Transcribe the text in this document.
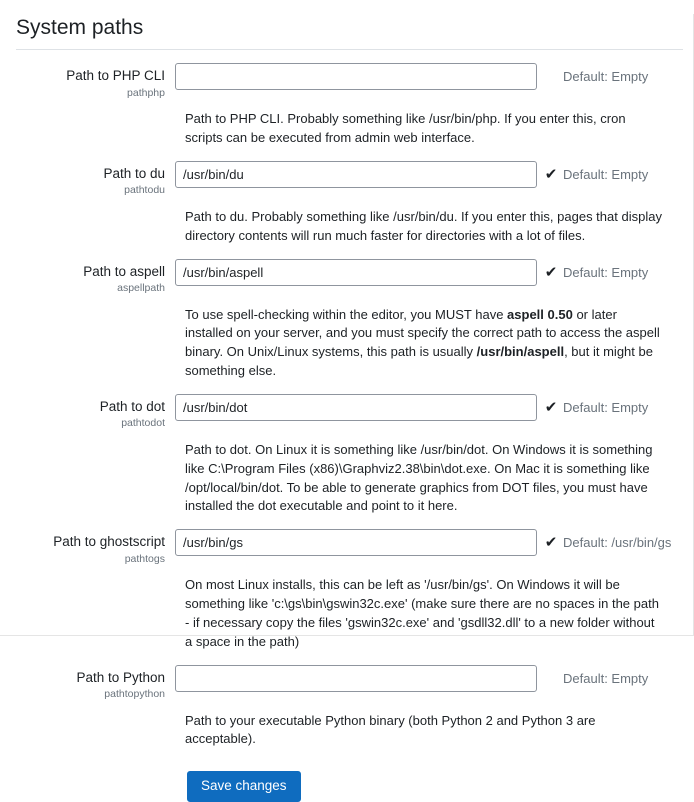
System paths
Path to PHP CLI
pathphp
Default: Empty
Path to PHP CLI. Probably something like /usr/bin/php. If you enter this, cron scripts can be executed from admin web interface.
Path to du
pathtodu
/usr/bin/du
✔ Default: Empty
Path to du. Probably something like /usr/bin/du. If you enter this, pages that display directory contents will run much faster for directories with a lot of files.
Path to aspell
aspellpath
/usr/bin/aspell
✔ Default: Empty
To use spell-checking within the editor, you MUST have aspell 0.50 or later installed on your server, and you must specify the correct path to access the aspell binary. On Unix/Linux systems, this path is usually /usr/bin/aspell, but it might be something else.
Path to dot
pathtodot
/usr/bin/dot
✔ Default: Empty
Path to dot. On Linux it is something like /usr/bin/dot. On Windows it is something like C:\Program Files (x86)\Graphviz2.38\bin\dot.exe. On Mac it is something like /opt/local/bin/dot. To be able to generate graphics from DOT files, you must have installed the dot executable and point to it here.
Path to ghostscript
pathtogs
/usr/bin/gs
✔ Default: /usr/bin/gs
On most Linux installs, this can be left as '/usr/bin/gs'. On Windows it will be something like 'c:\gs\bin\gswin32c.exe' (make sure there are no spaces in the path - if necessary copy the files 'gswin32c.exe' and 'gsdll32.dll' to a new folder without a space in the path)
Path to Python
pathtopython
Default: Empty
Path to your executable Python binary (both Python 2 and Python 3 are acceptable).
Save changes
